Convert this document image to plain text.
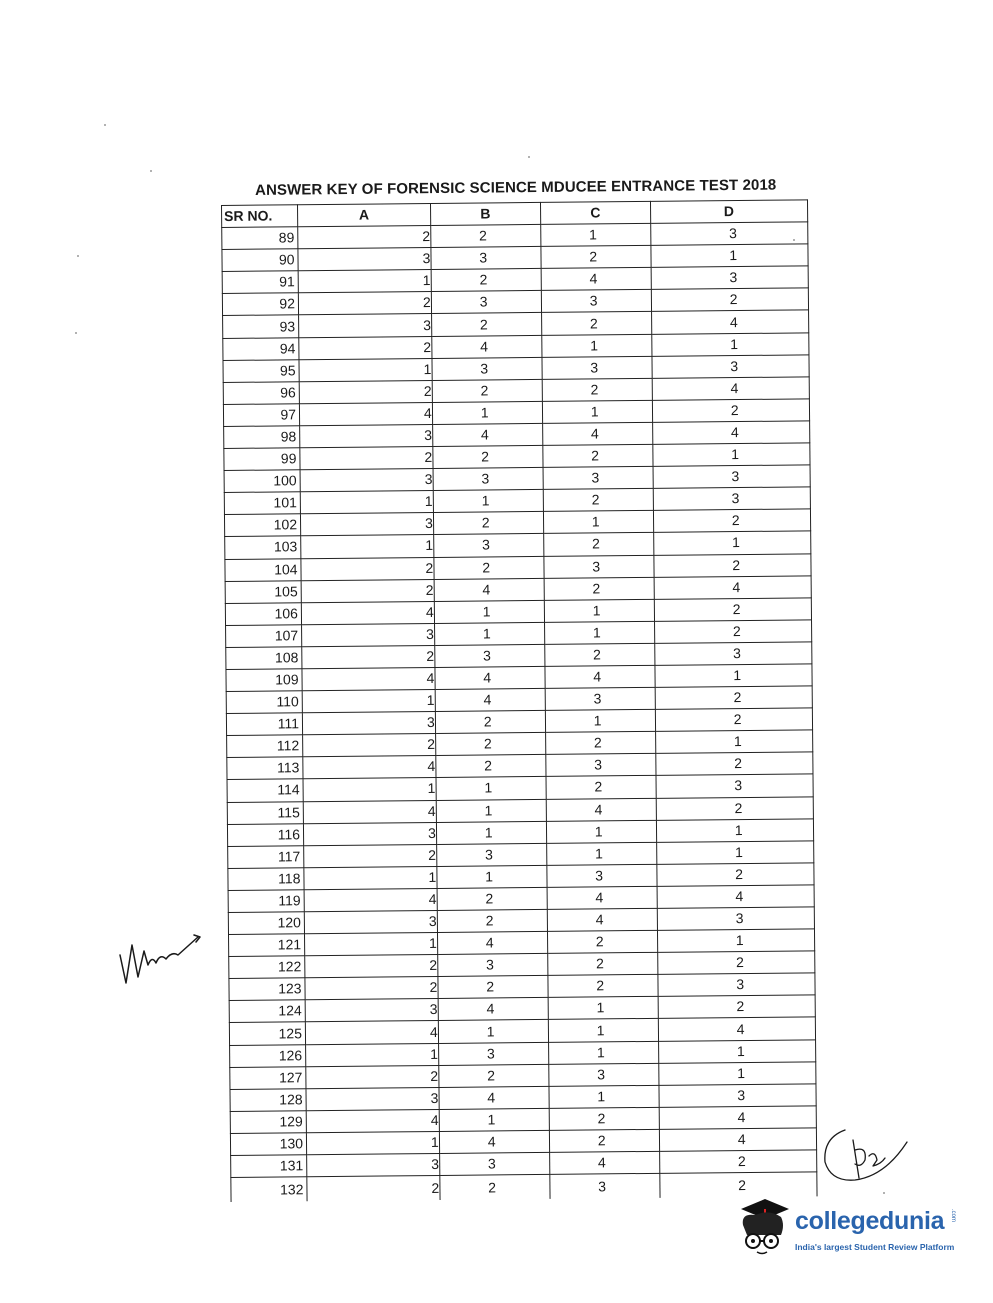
ANSWER KEY OF FORENSIC SCIENCE MDUCEE ENTRANCE TEST 2018
SR NO.	A	B	C	D
89	2	2	1	3
90	3	3	2	1
91	1	2	4	3
92	2	3	3	2
93	3	2	2	4
94	2	4	1	1
95	1	3	3	3
96	2	2	2	4
97	4	1	1	2
98	3	4	4	4
99	2	2	2	1
100	3	3	3	3
101	1	1	2	3
102	3	2	1	2
103	1	3	2	1
104	2	2	3	2
105	2	4	2	4
106	4	1	1	2
107	3	1	1	2
108	2	3	2	3
109	4	4	4	1
110	1	4	3	2
111	3	2	1	2
112	2	2	2	1
113	4	2	3	2
114	1	1	2	3
115	4	1	4	2
116	3	1	1	1
117	2	3	1	1
118	1	1	3	2
119	4	2	4	4
120	3	2	4	3
121	1	4	2	1
122	2	3	2	2
123	2	2	2	3
124	3	4	1	2
125	4	1	1	4
126	1	3	1	1
127	2	2	3	1
128	3	4	1	3
129	4	1	2	4
130	1	4	2	4
131	3	3	4	2
132	2	2	3	2
collegedunia .com
India's largest Student Review Platform
